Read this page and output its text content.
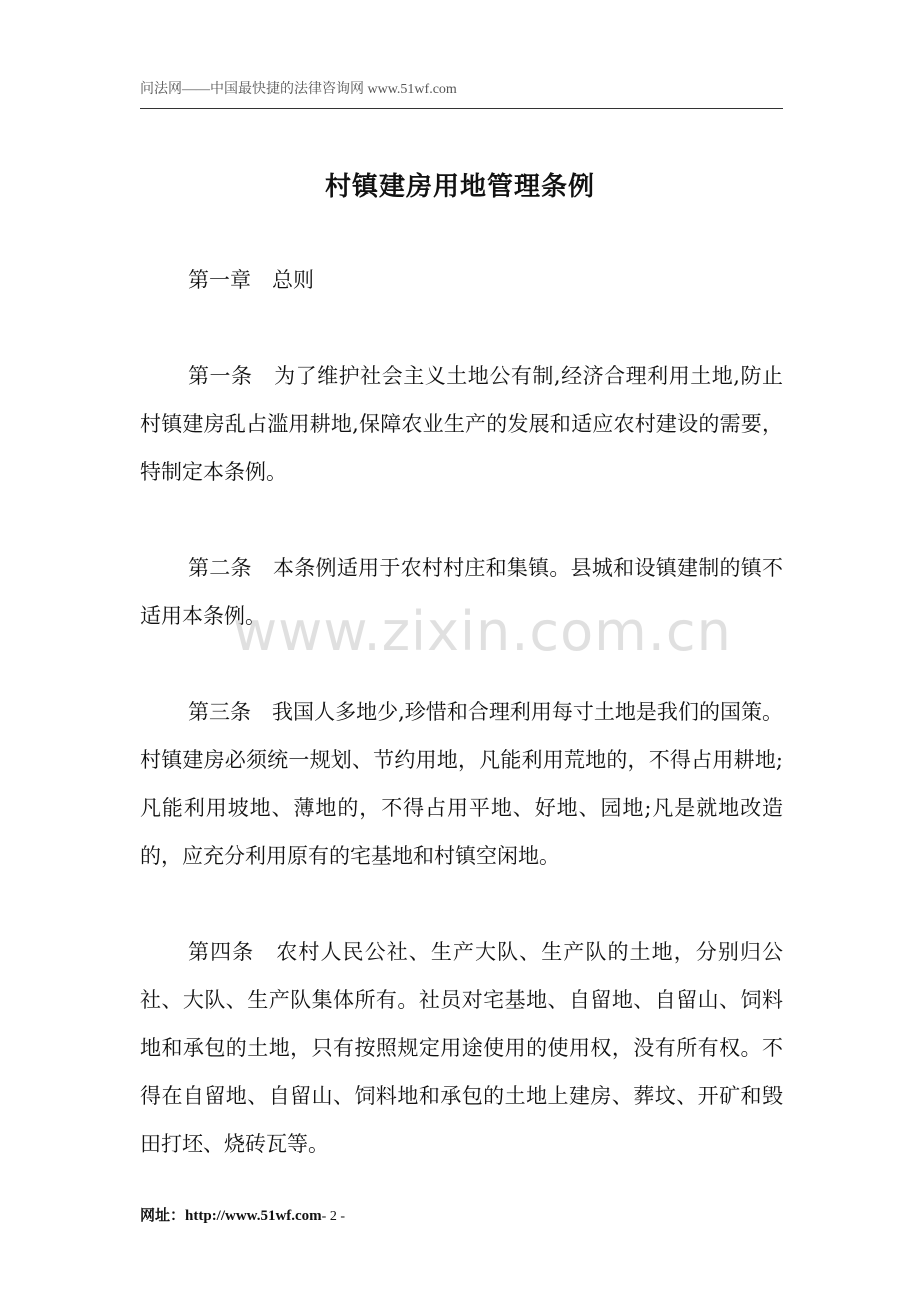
问法网——中国最快捷的法律咨询网 www.51wf.com
村镇建房用地管理条例

第一章　总则

第一条　为了维护社会主义土地公有制,经济合理利用土地,防止村镇建房乱占滥用耕地,保障农业生产的发展和适应农村建设的需要，特制定本条例。

第二条　本条例适用于农村村庄和集镇。县城和设镇建制的镇不适用本条例。

第三条　我国人多地少,珍惜和合理利用每寸土地是我们的国策。村镇建房必须统一规划、节约用地，凡能利用荒地的，不得占用耕地;凡能利用坡地、薄地的，不得占用平地、好地、园地;凡是就地改造的，应充分利用原有的宅基地和村镇空闲地。

第四条　农村人民公社、生产大队、生产队的土地，分别归公社、大队、生产队集体所有。社员对宅基地、自留地、自留山、饲料地和承包的土地，只有按照规定用途使用的使用权，没有所有权。不得在自留地、自留山、饲料地和承包的土地上建房、葬坟、开矿和毁田打坯、烧砖瓦等。

www.zixin.com.cn
网址：http://www.51wf.com- 2 -
